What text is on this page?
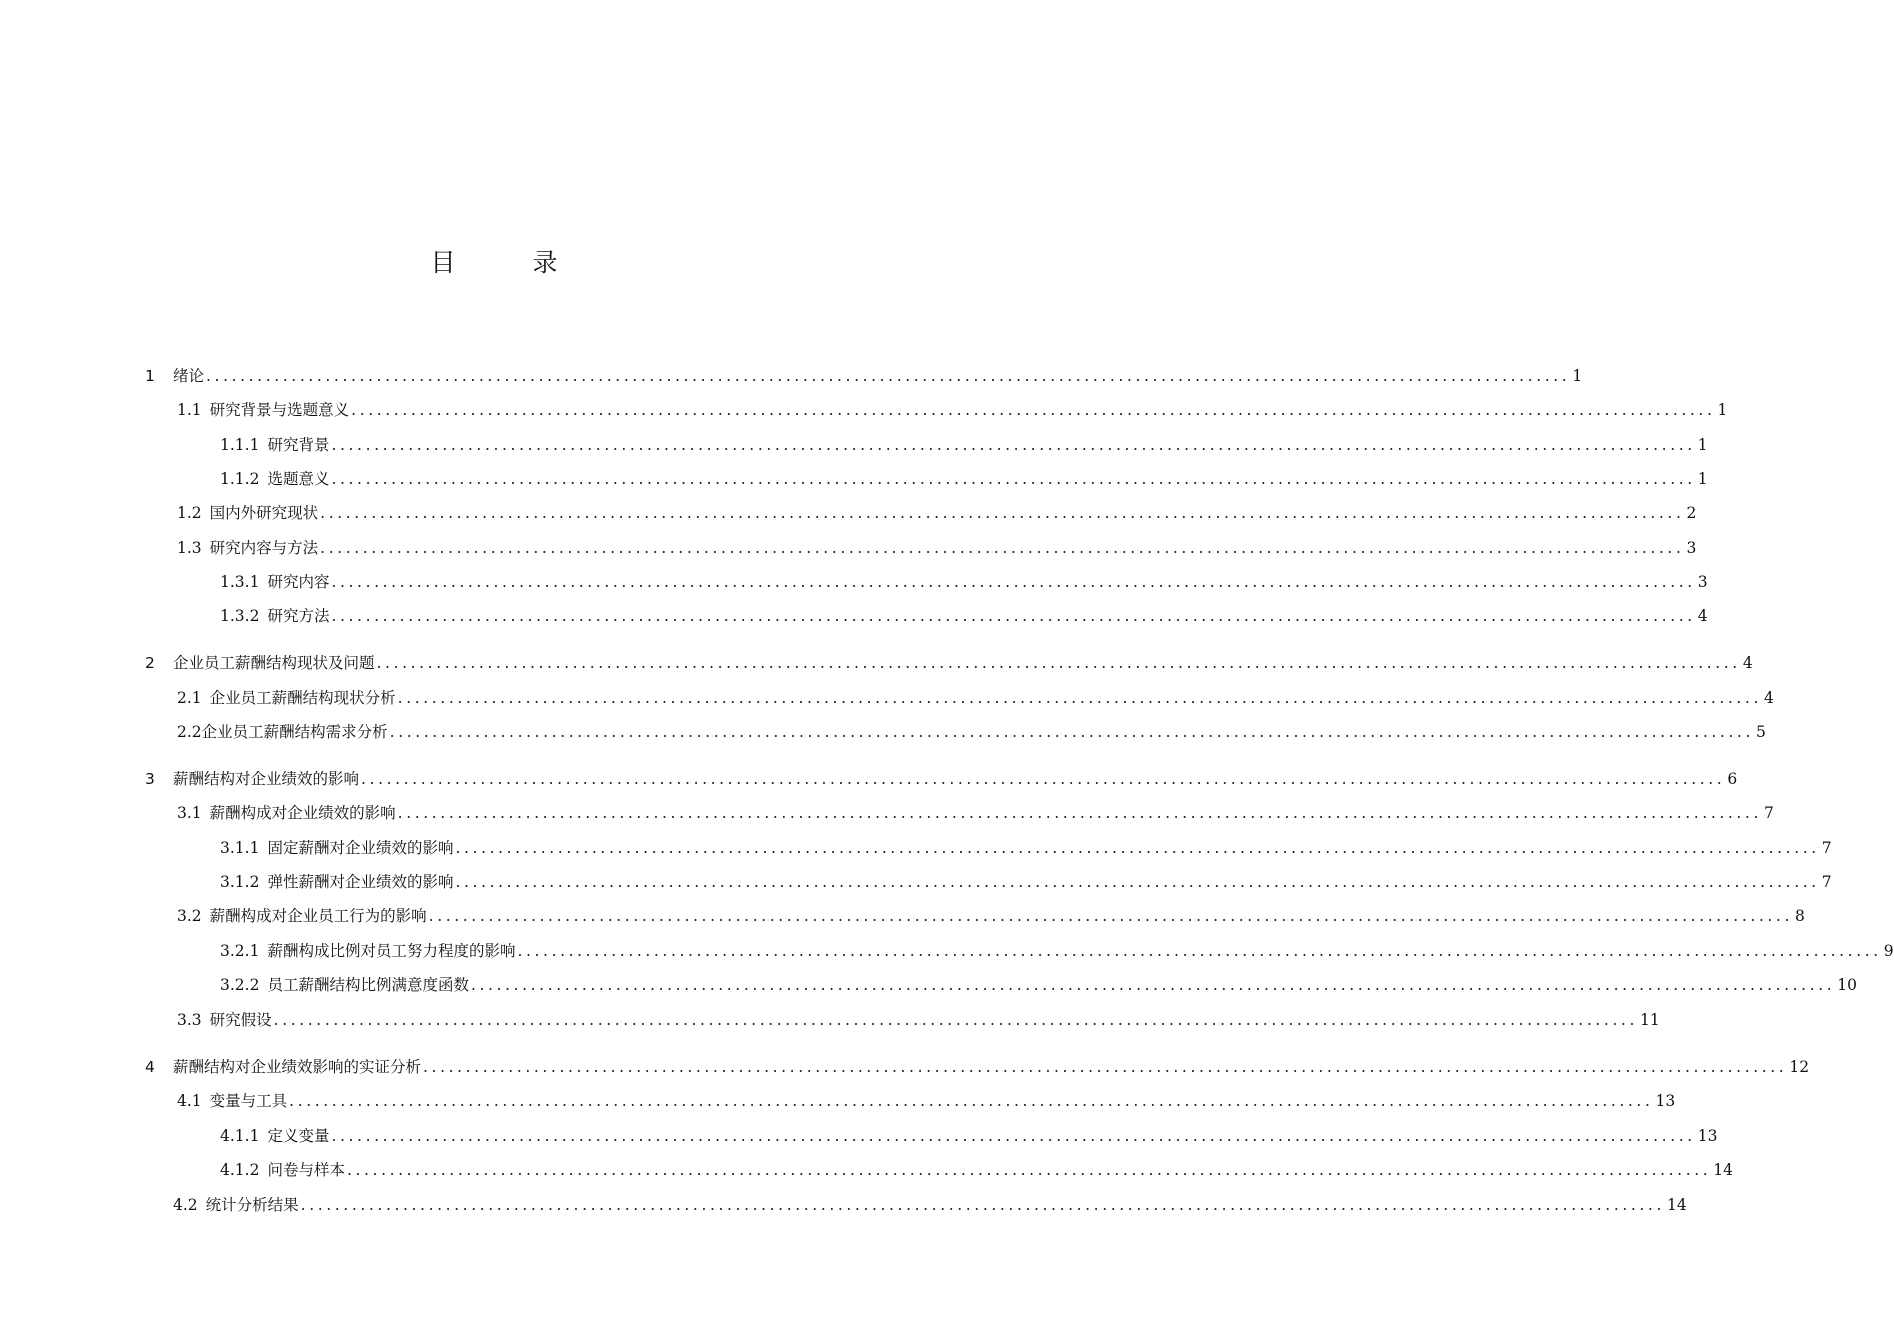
目　录
1	绪论 ................................................................................................................................................................ 1
1.1 研究背景与选题意义 ................................................................................................................................................................ 1
1.1.1 研究背景 ................................................................................................................................................................ 1
1.1.2 选题意义 ................................................................................................................................................................ 1
1.2 国内外研究现状 ................................................................................................................................................................ 2
1.3 研究内容与方法 ................................................................................................................................................................ 3
1.3.1 研究内容 ................................................................................................................................................................ 3
1.3.2 研究方法 ................................................................................................................................................................ 4
2	企业员工薪酬结构现状及问题 ................................................................................................................................................................ 4
2.1 企业员工薪酬结构现状分析 ................................................................................................................................................................ 4
2.2 企业员工薪酬结构需求分析 ................................................................................................................................................................ 5
3	薪酬结构对企业绩效的影响 ................................................................................................................................................................ 6
3.1 薪酬构成对企业绩效的影响 ................................................................................................................................................................ 7
3.1.1 固定薪酬对企业绩效的影响 ................................................................................................................................................................ 7
3.1.2 弹性薪酬对企业绩效的影响 ................................................................................................................................................................ 7
3.2 薪酬构成对企业员工行为的影响 ................................................................................................................................................................ 8
3.2.1 薪酬构成比例对员工努力程度的影响 ................................................................................................................................................................ 9
3.2.2 员工薪酬结构比例满意度函数 ................................................................................................................................................................ 10
3.3 研究假设 ................................................................................................................................................................ 11
4	薪酬结构对企业绩效影响的实证分析 ................................................................................................................................................................ 12
4.1 变量与工具 ................................................................................................................................................................ 13
4.1.1 定义变量 ................................................................................................................................................................ 13
4.1.2 问卷与样本 ................................................................................................................................................................ 14
4.2 统计分析结果 ................................................................................................................................................................ 14
